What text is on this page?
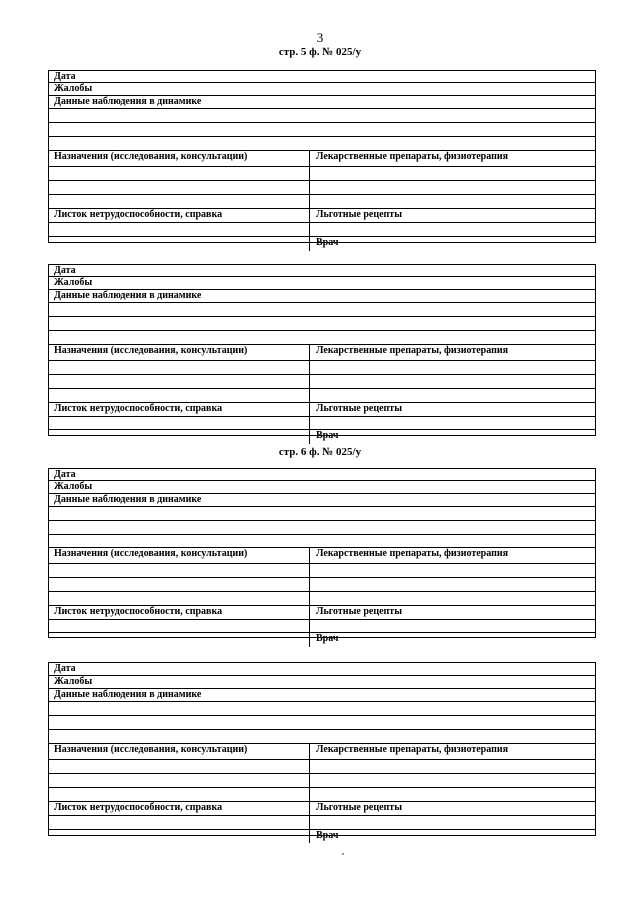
3
стр. 5 ф. № 025/у
стр. 6 ф. № 025/у
Дата
Жалобы
Данные наблюдения в динамике
Назначения (исследования, консультации)	Лекарственные препараты, физиотерапия
Листок нетрудоспособности, справка	Льготные рецепты
Врач
Дата
Жалобы
Данные наблюдения в динамике
Назначения (исследования, консультации)	Лекарственные препараты, физиотерапия
Листок нетрудоспособности, справка	Льготные рецепты
Врач
Дата
Жалобы
Данные наблюдения в динамике
Назначения (исследования, консультации)	Лекарственные препараты, физиотерапия
Листок нетрудоспособности, справка	Льготные рецепты
Врач
Дата
Жалобы
Данные наблюдения в динамике
Назначения (исследования, консультации)	Лекарственные препараты, физиотерапия
Листок нетрудоспособности, справка	Льготные рецепты
Врач
